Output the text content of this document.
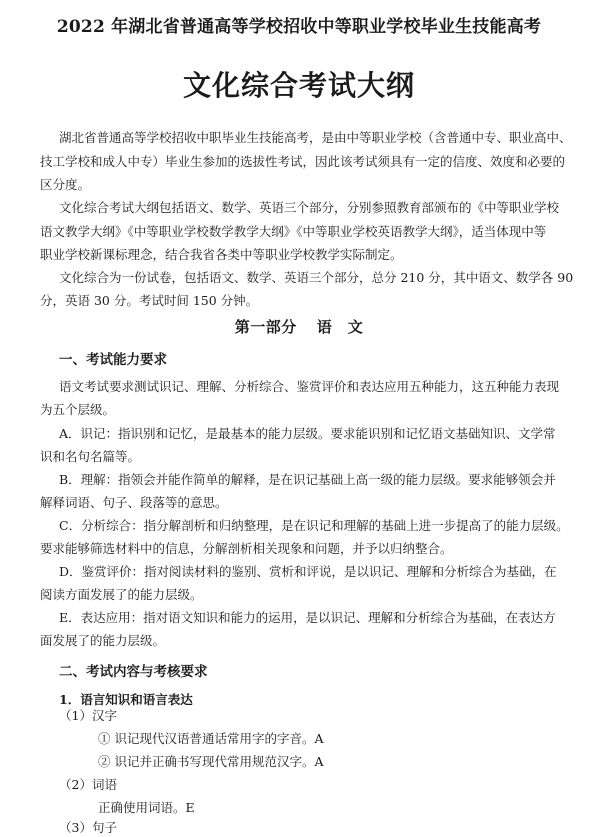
2022 年湖北省普通高等学校招收中等职业学校毕业生技能高考
文化综合考试大纲
湖北省普通高等学校招收中职毕业生技能高考，是由中等职业学校（含普通中专、职业高中、
技工学校和成人中专）毕业生参加的选拔性考试，因此该考试须具有一定的信度、效度和必要的
区分度。
文化综合考试大纲包括语文、数学、英语三个部分，分别参照教育部颁布的《中等职业学校
语文教学大纲》《中等职业学校数学教学大纲》《中等职业学校英语教学大纲》，适当体现中等
职业学校新课标理念，结合我省各类中等职业学校教学实际制定。
文化综合为一份试卷，包括语文、数学、英语三个部分，总分 210 分，其中语文、数学各 90
分，英语 30 分。考试时间 150 分钟。
第一部分 语　文
一、考试能力要求
语文考试要求测试识记、理解、分析综合、鉴赏评价和表达应用五种能力，这五种能力表现
为五个层级。
A．识记：指识别和记忆，是最基本的能力层级。要求能识别和记忆语文基础知识、文学常
识和名句名篇等。
B．理解：指领会并能作简单的解释，是在识记基础上高一级的能力层级。要求能够领会并
解释词语、句子、段落等的意思。
C．分析综合：指分解剖析和归纳整理，是在识记和理解的基础上进一步提高了的能力层级。
要求能够筛选材料中的信息，分解剖析相关现象和问题，并予以归纳整合。
D．鉴赏评价：指对阅读材料的鉴别、赏析和评说，是以识记、理解和分析综合为基础，在
阅读方面发展了的能力层级。
E．表达应用：指对语文知识和能力的运用，是以识记、理解和分析综合为基础，在表达方
面发展了的能力层级。
二、考试内容与考核要求
1．语言知识和语言表达
（1）汉字
① 识记现代汉语普通话常用字的字音。A
② 识记并正确书写现代常用规范汉字。A
（2）词语
正确使用词语。E
（3）句子
